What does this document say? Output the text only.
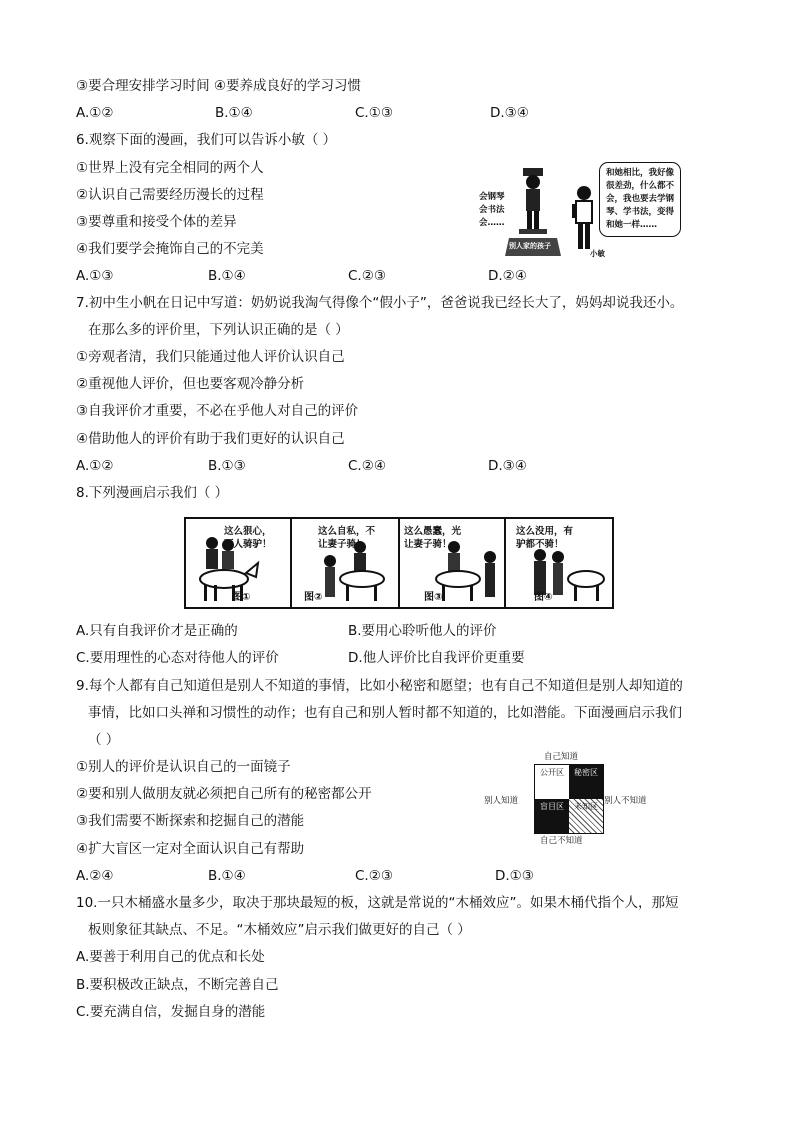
③要合理安排学习时间 ④要养成良好的学习习惯
A.①②	B.①④	C.①③	D.③④
6.观察下面的漫画，我们可以告诉小敏（ ）
①世界上没有完全相同的两个人
②认识自己需要经历漫长的过程
③要尊重和接受个体的差异
④我们要学会掩饰自己的不完美
A.①③	B.①④	C.②③	D.②④
会钢琴
会书法
会……
别人家的孩子
小敏
和她相比，我好像
很差劲，什么都不
会，我也要去学钢
琴、学书法，变得
和她一样……
7.初中生小帆在日记中写道：奶奶说我淘气得像个“假小子”，爸爸说我已经长大了，妈妈却说我还小。
在那么多的评价里，下列认识正确的是（ ）
①旁观者清，我们只能通过他人评价认识自己
②重视他人评价，但也要客观冷静分析
③自我评价才重要，不必在乎他人对自己的评价
④借助他人的评价有助于我们更好的认识自己
A.①②	B.①③	C.②④	D.③④
8.下列漫画启示我们（ ）
这么狠心，
两人骑驴！
图①
这么自私，不
让妻子骑！
图②
这么愚蠢，光
让妻子骑！
图③
这么没用，有
驴都不骑！
图④
A.只有自我评价才是正确的	B.要用心聆听他人的评价
C.要用理性的心态对待他人的评价	D.他人评价比自我评价更重要
9.每个人都有自己知道但是别人不知道的事情，比如小秘密和愿望；也有自己不知道但是别人却知道的
事情，比如口头禅和习惯性的动作；也有自己和别人暂时都不知道的，比如潜能。下面漫画启示我们
（ ）
①别人的评价是认识自己的一面镜子
②要和别人做朋友就必须把自己所有的秘密都公开
③我们需要不断探索和挖掘自己的潜能
④扩大盲区一定对全面认识自己有帮助
A.②④	B.①④	C.②③	D.①③
自己知道
自己不知道
别人知道	别人不知道
公开区	秘密区
盲目区	未知区
10.一只木桶盛水量多少，取决于那块最短的板，这就是常说的“木桶效应”。如果木桶代指个人，那短
板则象征其缺点、不足。“木桶效应”启示我们做更好的自己（ ）
A.要善于利用自己的优点和长处
B.要积极改正缺点，不断完善自己
C.要充满自信，发掘自身的潜能
